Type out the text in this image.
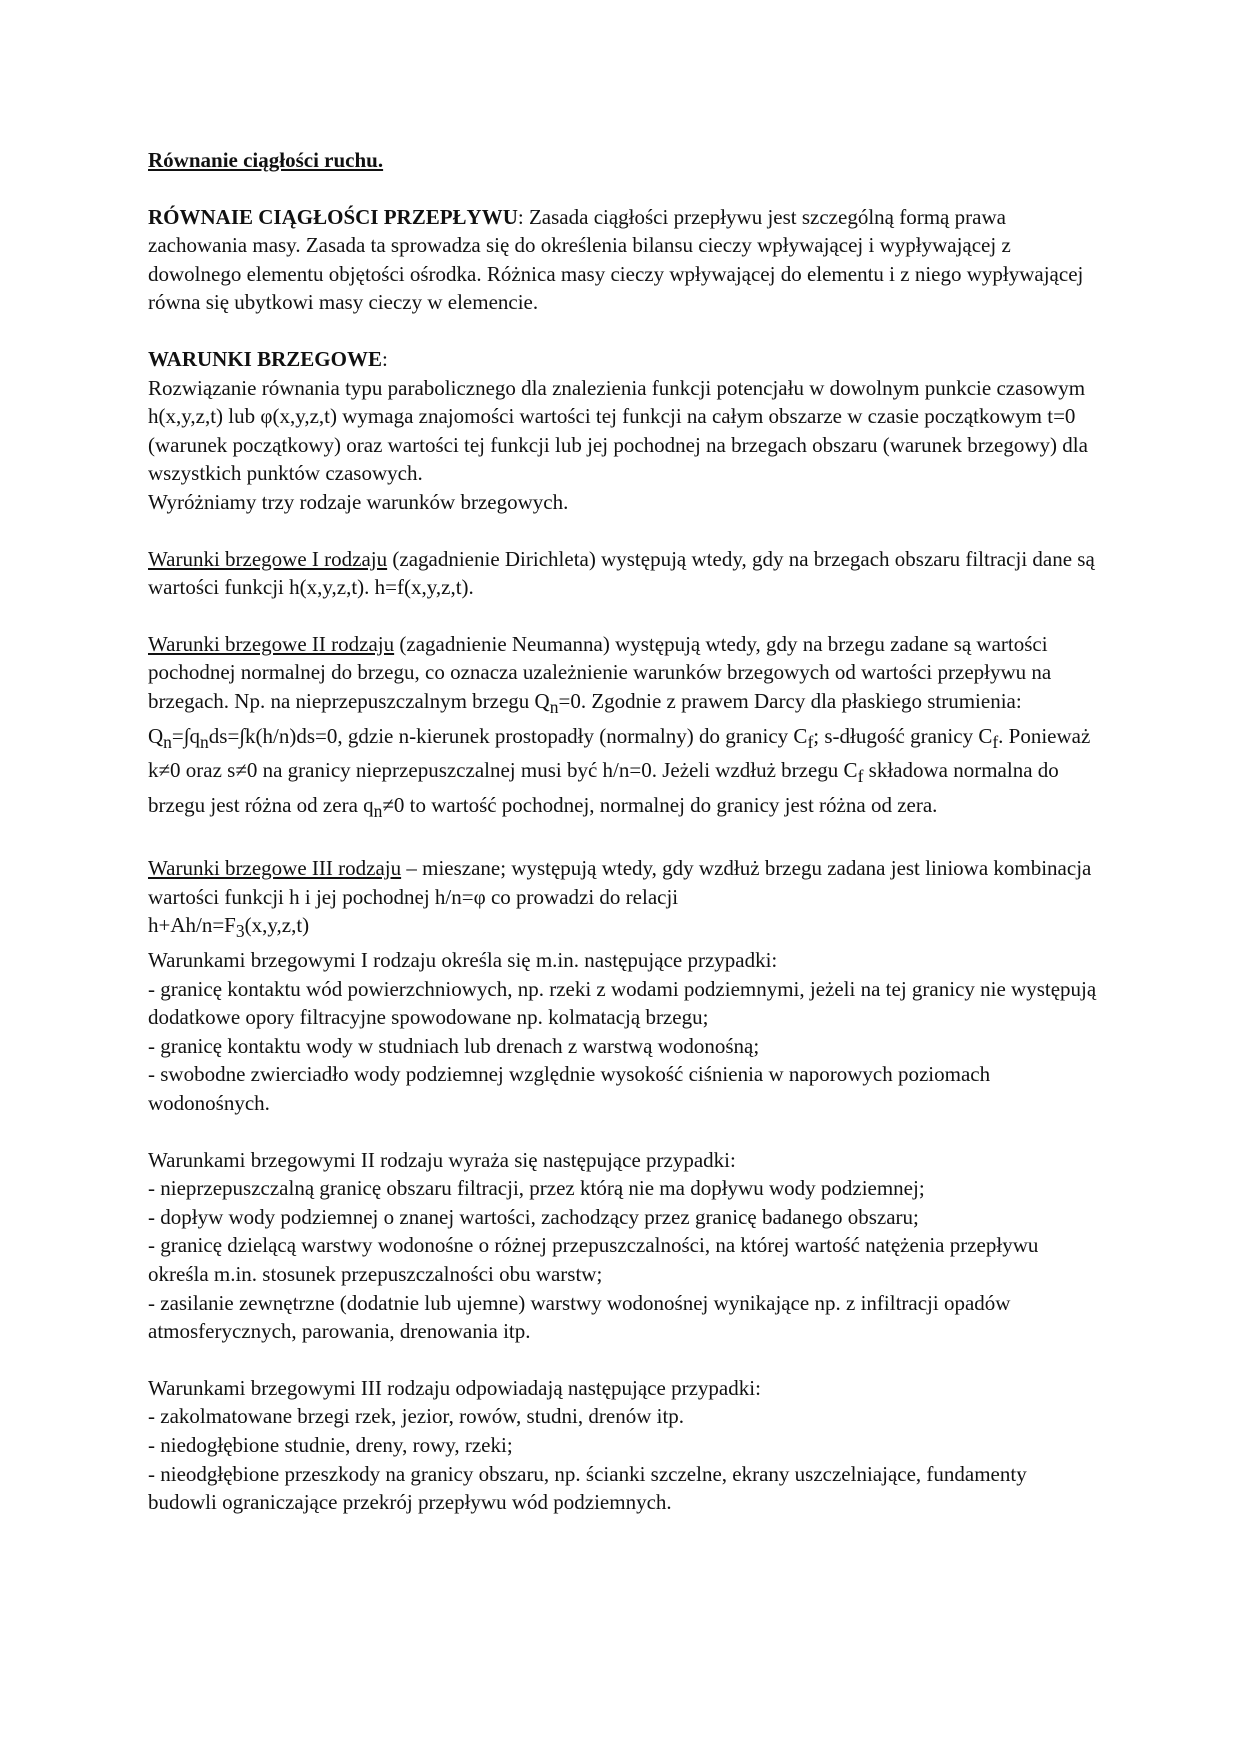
Równanie ciągłości ruchu.

RÓWNAIE CIĄGŁOŚCI PRZEPŁYWU: Zasada ciągłości przepływu jest szczególną formą prawa zachowania masy. Zasada ta sprowadza się do określenia bilansu cieczy wpływającej i wypływającej z dowolnego elementu objętości ośrodka. Różnica masy cieczy wpływającej do elementu i z niego wypływającej równa się ubytkowi masy cieczy w elemencie.

WARUNKI BRZEGOWE:

Rozwiązanie równania typu parabolicznego dla znalezienia funkcji potencjału w dowolnym punkcie czasowym h(x,y,z,t) lub φ(x,y,z,t) wymaga znajomości wartości tej funkcji na całym obszarze w czasie początkowym t=0 (warunek początkowy) oraz wartości tej funkcji lub jej pochodnej na brzegach obszaru (warunek brzegowy) dla wszystkich punktów czasowych.

Wyróżniamy trzy rodzaje warunków brzegowych.

Warunki brzegowe I rodzaju (zagadnienie Dirichleta) występują wtedy, gdy na brzegach obszaru filtracji dane są wartości funkcji h(x,y,z,t). h=f(x,y,z,t).

Warunki brzegowe II rodzaju (zagadnienie Neumanna) występują wtedy, gdy na brzegu zadane są wartości pochodnej normalnej do brzegu, co oznacza uzależnienie warunków brzegowych od wartości przepływu na brzegach. Np. na nieprzepuszczalnym brzegu $Q_n=0$. Zgodnie z prawem Darcy dla płaskiego strumienia: $Q_n=\int q_nds=\int k(h/n)ds=0$, gdzie n-kierunek prostopadły (normalny) do granicy $C_f$; s-długość granicy $C_f$. Ponieważ k≠0 oraz s≠0 na granicy nieprzepuszczalnej musi być h/n=0. Jeżeli wzdłuż brzegu $C_f$ składowa normalna do brzegu jest różna od zera $q_n\ne 0$ to wartość pochodnej, normalnej do granicy jest różna od zera.

Warunki brzegowe III rodzaju – mieszane; występują wtedy, gdy wzdłuż brzegu zadana jest liniowa kombinacja wartości funkcji h i jej pochodnej h/n=φ co prowadzi do relacji

$h+Ah/n=F_3(x,y,z,t)$

Warunkami brzegowymi I rodzaju określa się m.in. następujące przypadki:

- granicę kontaktu wód powierzchniowych, np. rzeki z wodami podziemnymi, jeżeli na tej granicy nie występują dodatkowe opory filtracyjne spowodowane np. kolmatacją brzegu;

- granicę kontaktu wody w studniach lub drenach z warstwą wodonośną;

- swobodne zwierciadło wody podziemnej względnie wysokość ciśnienia w naporowych poziomach wodonośnych.

Warunkami brzegowymi II rodzaju wyraża się następujące przypadki:

- nieprzepuszczalną granicę obszaru filtracji, przez którą nie ma dopływu wody podziemnej;

- dopływ wody podziemnej o znanej wartości, zachodzący przez granicę badanego obszaru;

- granicę dzielącą warstwy wodonośne o różnej przepuszczalności, na której wartość natężenia przepływu określa m.in. stosunek przepuszczalności obu warstw;

- zasilanie zewnętrzne (dodatnie lub ujemne) warstwy wodonośnej wynikające np. z infiltracji opadów atmosferycznych, parowania, drenowania itp.

Warunkami brzegowymi III rodzaju odpowiadają następujące przypadki:

- zakolmatowane brzegi rzek, jezior, rowów, studni, drenów itp.

- niedogłębione studnie, dreny, rowy, rzeki;

- nieodgłębione przeszkody na granicy obszaru, np. ścianki szczelne, ekrany uszczelniające, fundamenty budowli ograniczające przekrój przepływu wód podziemnych.
